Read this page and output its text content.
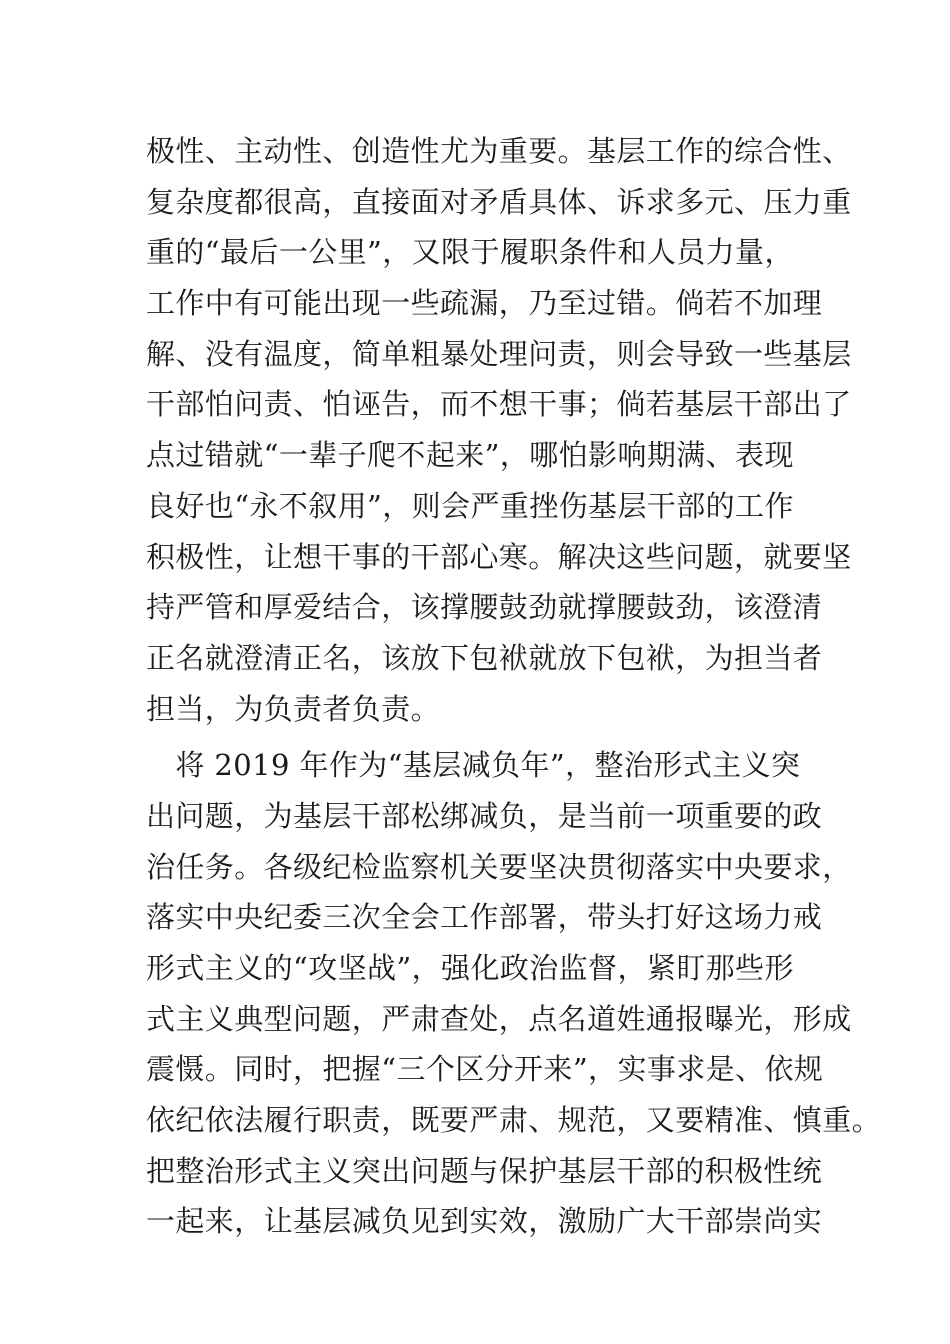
极性、主动性、创造性尤为重要。基层工作的综合性、
复杂度都很高，直接面对矛盾具体、诉求多元、压力重
重的“最后一公里”，又限于履职条件和人员力量，
工作中有可能出现一些疏漏，乃至过错。倘若不加理
解、没有温度，简单粗暴处理问责，则会导致一些基层
干部怕问责、怕诬告，而不想干事；倘若基层干部出了
点过错就“一辈子爬不起来”，哪怕影响期满、表现
良好也“永不叙用”，则会严重挫伤基层干部的工作
积极性，让想干事的干部心寒。解决这些问题，就要坚
持严管和厚爱结合，该撑腰鼓劲就撑腰鼓劲，该澄清
正名就澄清正名，该放下包袱就放下包袱，为担当者
担当，为负责者负责。
　将 2019 年作为“基层减负年”，整治形式主义突
出问题，为基层干部松绑减负，是当前一项重要的政
治任务。各级纪检监察机关要坚决贯彻落实中央要求，
落实中央纪委三次全会工作部署，带头打好这场力戒
形式主义的“攻坚战”，强化政治监督，紧盯那些形
式主义典型问题，严肃查处，点名道姓通报曝光，形成
震慑。同时，把握“三个区分开来”，实事求是、依规
依纪依法履行职责，既要严肃、规范，又要精准、慎重。
把整治形式主义突出问题与保护基层干部的积极性统
一起来，让基层减负见到实效，激励广大干部崇尚实
